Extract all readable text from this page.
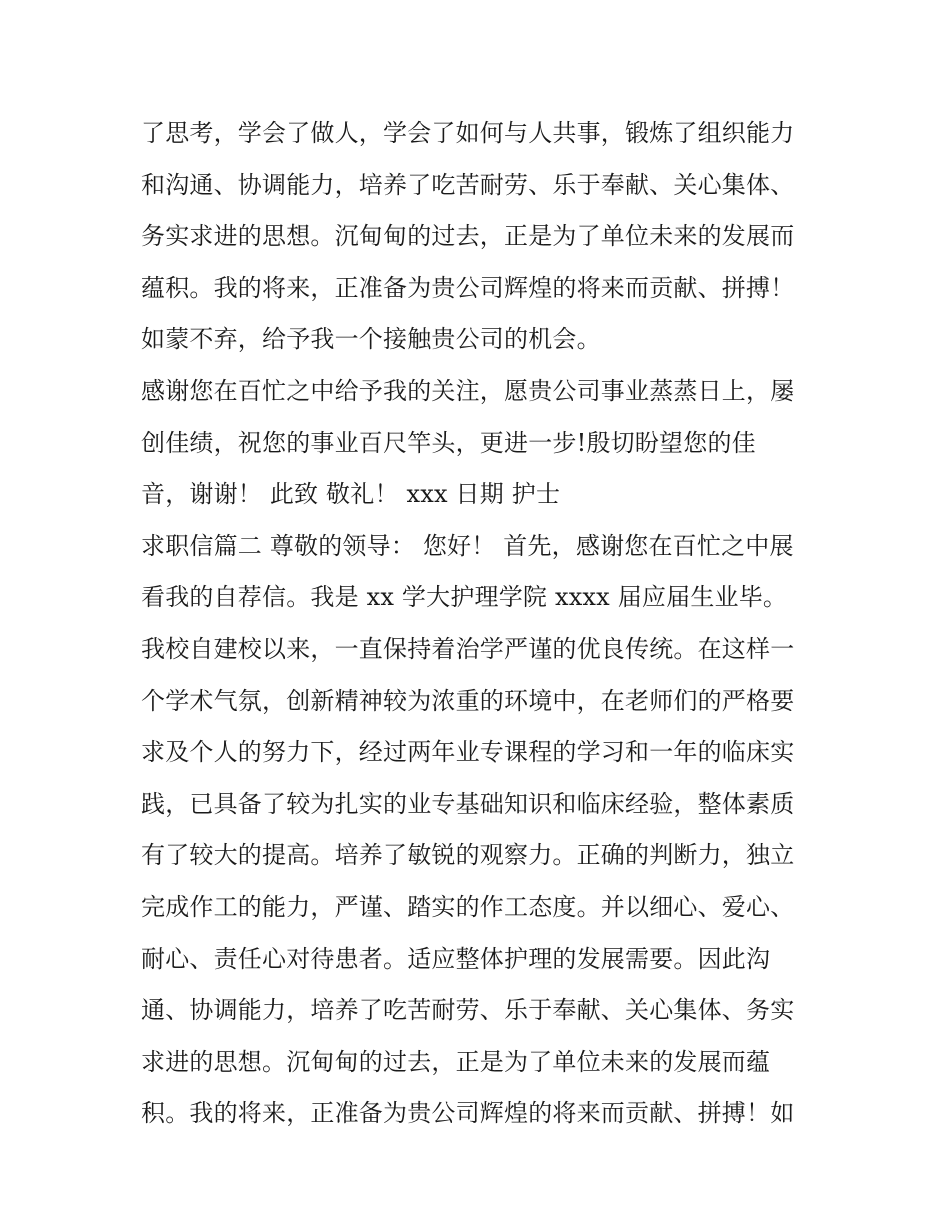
了思考，学会了做人，学会了如何与人共事，锻炼了组织能力
和沟通、协调能力，培养了吃苦耐劳、乐于奉献、关心集体、
务实求进的思想。沉甸甸的过去，正是为了单位未来的发展而
蕴积。我的将来，正准备为贵公司辉煌的将来而贡献、拼搏！
如蒙不弃，给予我一个接触贵公司的机会。
感谢您在百忙之中给予我的关注，愿贵公司事业蒸蒸日上，屡
创佳绩，祝您的事业百尺竿头，更进一步!殷切盼望您的佳
音，谢谢！ 此致 敬礼！ xxx 日期 护士
求职信篇二 尊敬的领导： 您好！ 首先，感谢您在百忙之中展
看我的自荐信。我是 xx 学大护理学院 xxxx 届应届生业毕。
我校自建校以来，一直保持着治学严谨的优良传统。在这样一
个学术气氛，创新精神较为浓重的环境中，在老师们的严格要
求及个人的努力下，经过两年业专课程的学习和一年的临床实
践，已具备了较为扎实的业专基础知识和临床经验，整体素质
有了较大的提高。培养了敏锐的观察力。正确的判断力，独立
完成作工的能力，严谨、踏实的作工态度。并以细心、爱心、
耐心、责任心对待患者。适应整体护理的发展需要。因此沟
通、协调能力，培养了吃苦耐劳、乐于奉献、关心集体、务实
求进的思想。沉甸甸的过去，正是为了单位未来的发展而蕴
积。我的将来，正准备为贵公司辉煌的将来而贡献、拼搏！如
